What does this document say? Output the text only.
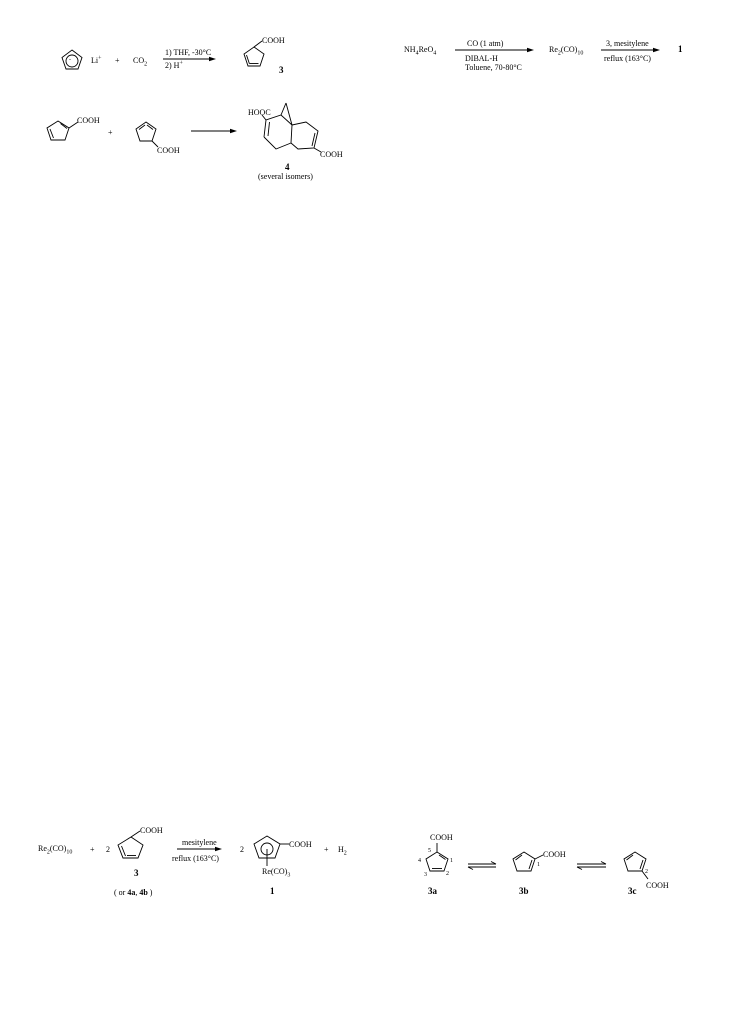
-	$Li^+ + CO_2$
1) THF, -30°C
2) H+
COOH
3
$NH_4ReO_4$
CO (1 atm)
DIBAL-H
Toluene, 70-80°C
$Re_2(CO)_{10}$
3, mesitylene
reflux (163°C)
1
COOH
+
COOH
HOOC
COOH
4
(several isomers)
$Re_2(CO)_{10} + 2$
COOH
3
( or 4a, 4b )
mesitylene
reflux (163°C)
2
COOH
$Re(CO)_3$
+ $H_2$
1
COOH
5
4
3	2
1
3a
COOH
1
3b
COOH
2
3c
